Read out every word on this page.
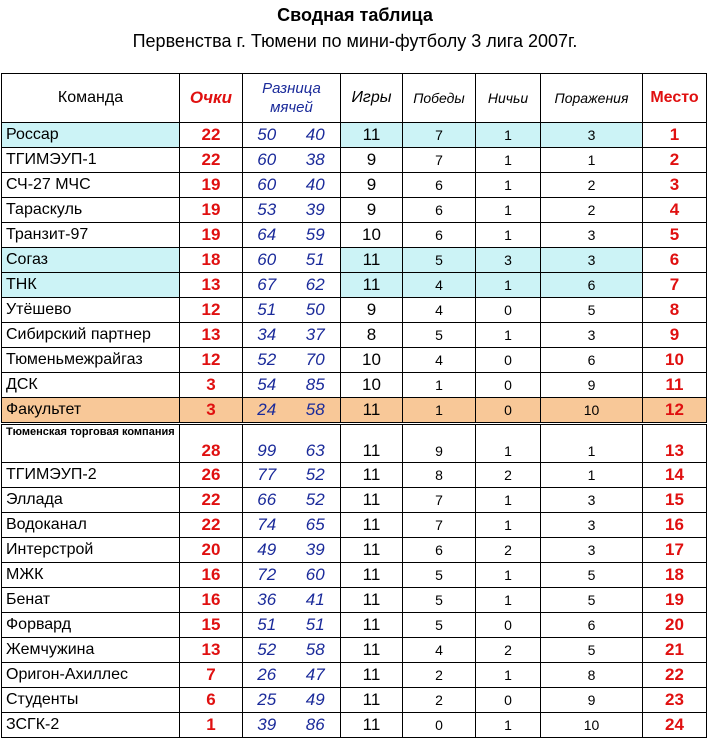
Сводная таблица
Первенства г. Тюмени по мини-футболу 3 лига 2007г.
Команда	Очки	Разница мячей		Игры	Победы	Ничьи	Поражения	Место
Россар	22	50	40	11	7	1	3	1
ТГИМЭУП-1	22	60	38	9	7	1	1	2
СЧ-27 МЧС	19	60	40	9	6	1	2	3
Тараскуль	19	53	39	9	6	1	2	4
Транзит-97	19	64	59	10	6	1	3	5
Согаз	18	60	51	11	5	3	3	6
ТНК	13	67	62	11	4	1	6	7
Утёшево	12	51	50	9	4	0	5	8
Сибирский партнер	13	34	37	8	5	1	3	9
Тюменьмежрайгаз	12	52	70	10	4	0	6	10
ДСК	3	54	85	10	1	0	9	11
Факультет	3	24	58	11	1	0	10	12
Тюменская торговая компания	28	99	63	11	9	1	1	13
ТГИМЭУП-2	26	77	52	11	8	2	1	14
Эллада	22	66	52	11	7	1	3	15
Водоканал	22	74	65	11	7	1	3	16
Интерстрой	20	49	39	11	6	2	3	17
МЖК	16	72	60	11	5	1	5	18
Бенат	16	36	41	11	5	1	5	19
Форвард	15	51	51	11	5	0	6	20
Жемчужина	13	52	58	11	4	2	5	21
Оригон-Ахиллес	7	26	47	11	2	1	8	22
Студенты	6	25	49	11	2	0	9	23
ЗСГК-2	1	39	86	11	0	1	10	24
